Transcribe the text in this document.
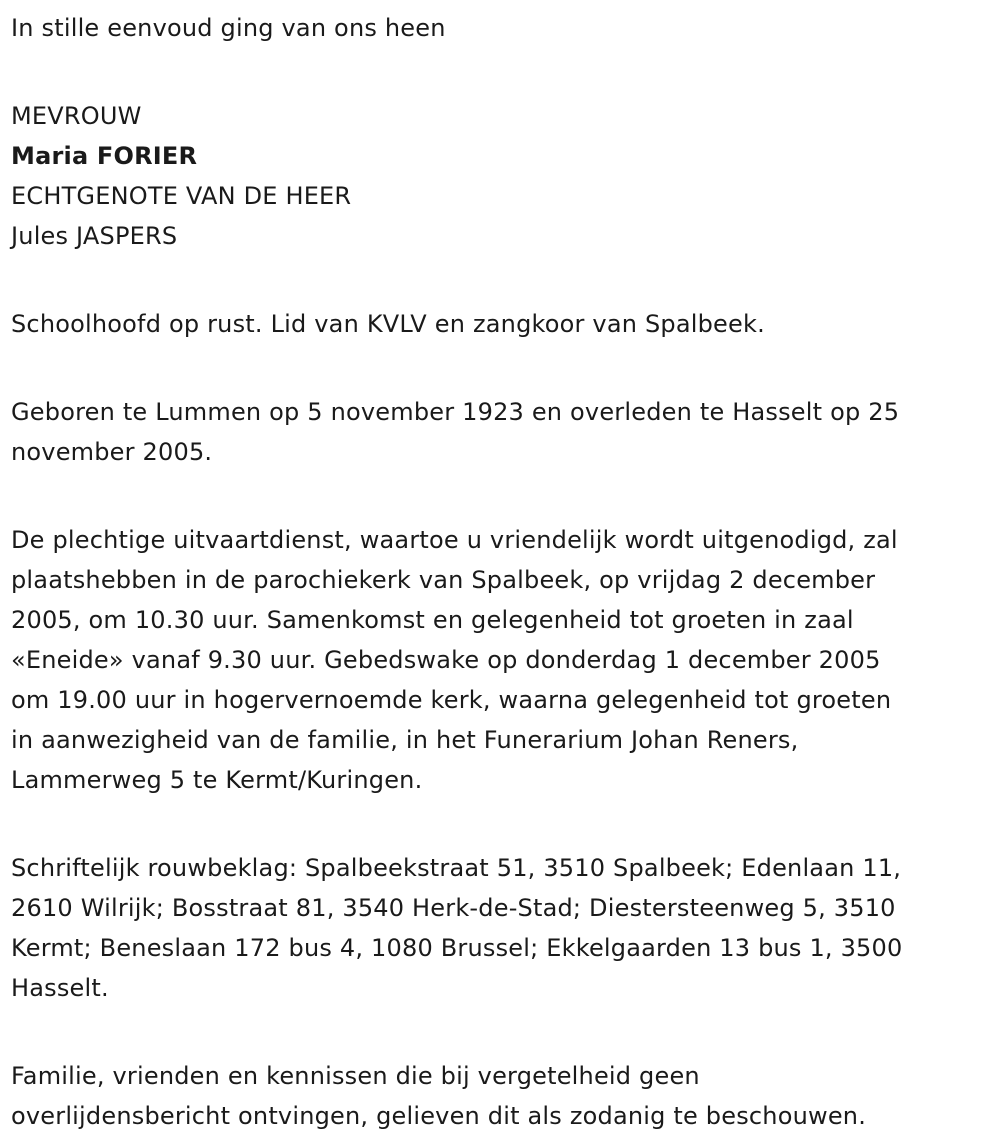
In stille eenvoud ging van ons heen
MEVROUW
Maria FORIER
ECHTGENOTE VAN DE HEER
Jules JASPERS
Schoolhoofd op rust. Lid van KVLV en zangkoor van Spalbeek.
Geboren te Lummen op 5 november 1923 en overleden te Hasselt op 25
november 2005.
De plechtige uitvaartdienst, waartoe u vriendelijk wordt uitgenodigd, zal
plaatshebben in de parochiekerk van Spalbeek, op vrijdag 2 december
2005, om 10.30 uur. Samenkomst en gelegenheid tot groeten in zaal
«Eneide» vanaf 9.30 uur. Gebedswake op donderdag 1 december 2005
om 19.00 uur in hogervernoemde kerk, waarna gelegenheid tot groeten
in aanwezigheid van de familie, in het Funerarium Johan Reners,
Lammerweg 5 te Kermt/Kuringen.
Schriftelijk rouwbeklag: Spalbeekstraat 51, 3510 Spalbeek; Edenlaan 11,
2610 Wilrijk; Bosstraat 81, 3540 Herk-de-Stad; Diestersteenweg 5, 3510
Kermt; Beneslaan 172 bus 4, 1080 Brussel; Ekkelgaarden 13 bus 1, 3500
Hasselt.
Familie, vrienden en kennissen die bij vergetelheid geen
overlijdensbericht ontvingen, gelieven dit als zodanig te beschouwen.
